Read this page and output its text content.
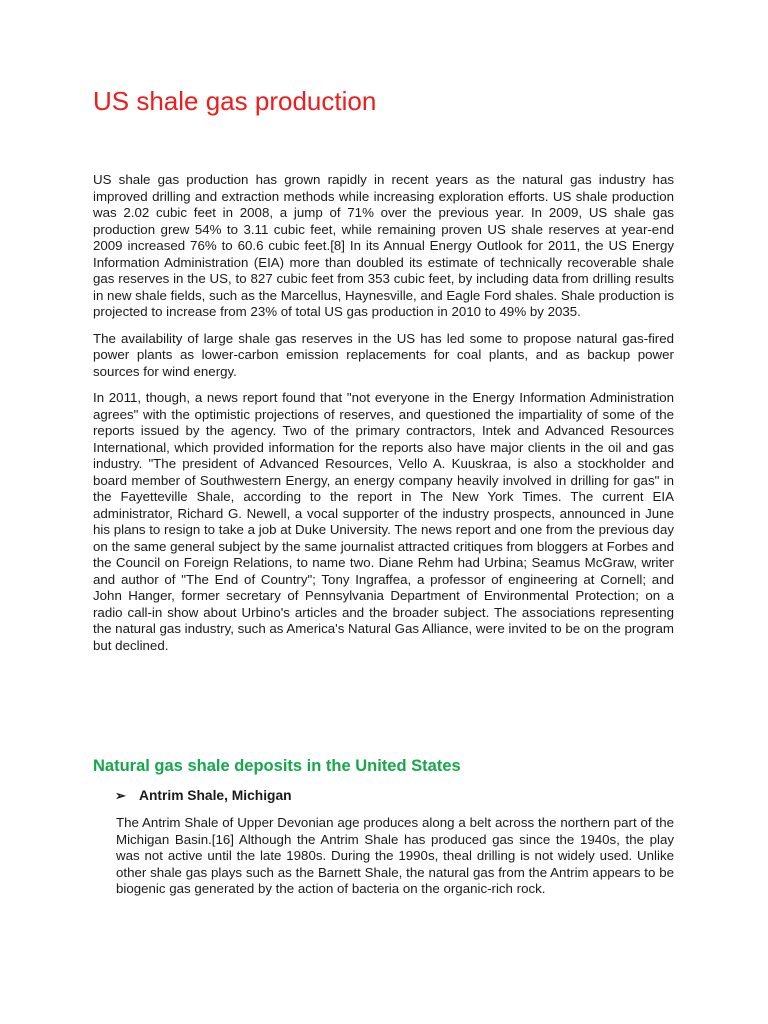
US shale gas production

US shale gas production has grown rapidly in recent years as the natural gas industry has improved drilling and extraction methods while increasing exploration efforts. US shale production was 2.02 cubic feet in 2008, a jump of 71% over the previous year. In 2009, US shale gas production grew 54% to 3.11 cubic feet, while remaining proven US shale reserves at year-end 2009 increased 76% to 60.6 cubic feet.[8] In its Annual Energy Outlook for 2011, the US Energy Information Administration (EIA) more than doubled its estimate of technically recoverable shale gas reserves in the US, to 827 cubic feet from 353 cubic feet, by including data from drilling results in new shale fields, such as the Marcellus, Haynesville, and Eagle Ford shales. Shale production is projected to increase from 23% of total US gas production in 2010 to 49% by 2035.

The availability of large shale gas reserves in the US has led some to propose natural gas-fired power plants as lower-carbon emission replacements for coal plants, and as backup power sources for wind energy.

In 2011, though, a news report found that "not everyone in the Energy Information Administration agrees" with the optimistic projections of reserves, and questioned the impartiality of some of the reports issued by the agency. Two of the primary contractors, Intek and Advanced Resources International, which provided information for the reports also have major clients in the oil and gas industry. "The president of Advanced Resources, Vello A. Kuuskraa, is also a stockholder and board member of Southwestern Energy, an energy company heavily involved in drilling for gas" in the Fayetteville Shale, according to the report in The New York Times. The current EIA administrator, Richard G. Newell, a vocal supporter of the industry prospects, announced in June his plans to resign to take a job at Duke University. The news report and one from the previous day on the same general subject by the same journalist attracted critiques from bloggers at Forbes and the Council on Foreign Relations, to name two. Diane Rehm had Urbina; Seamus McGraw, writer and author of "The End of Country"; Tony Ingraffea, a professor of engineering at Cornell; and John Hanger, former secretary of Pennsylvania Department of Environmental Protection; on a radio call-in show about Urbino's articles and the broader subject. The associations representing the natural gas industry, such as America's Natural Gas Alliance, were invited to be on the program but declined.

Natural gas shale deposits in the United States
➢ Antrim Shale, Michigan

The Antrim Shale of Upper Devonian age produces along a belt across the northern part of the Michigan Basin.[16] Although the Antrim Shale has produced gas since the 1940s, the play was not active until the late 1980s. During the 1990s, theal drilling is not widely used. Unlike other shale gas plays such as the Barnett Shale, the natural gas from the Antrim appears to be biogenic gas generated by the action of bacteria on the organic-rich rock.
